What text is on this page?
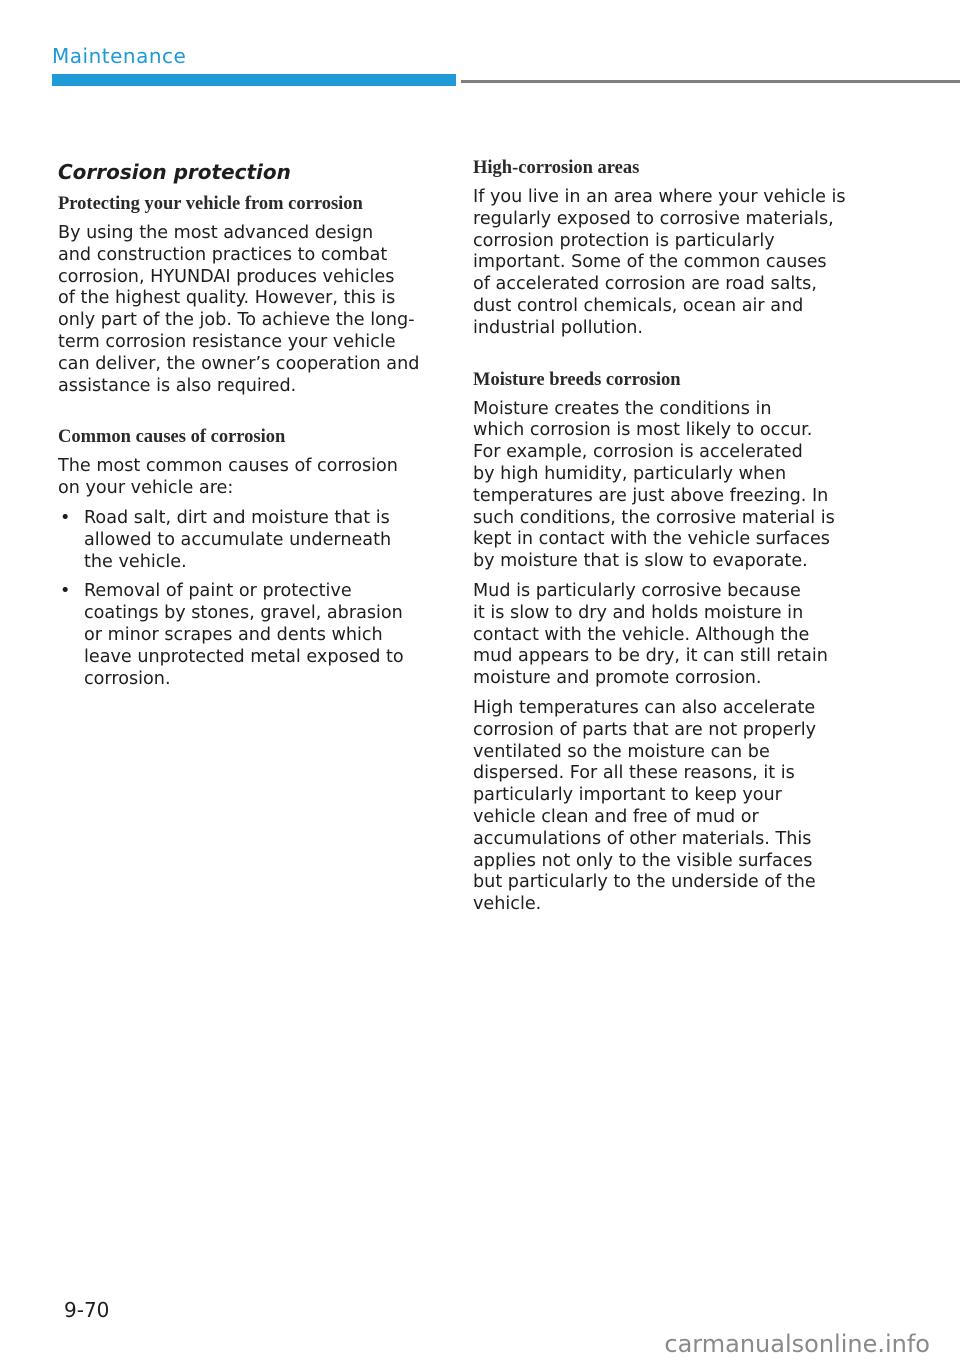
Maintenance
Corrosion protection
Protecting your vehicle from corrosion

By using the most advanced design
and construction practices to combat
corrosion, HYUNDAI produces vehicles
of the highest quality. However, this is
only part of the job. To achieve the long-
term corrosion resistance your vehicle
can deliver, the owner’s cooperation and
assistance is also required.

Common causes of corrosion

The most common causes of corrosion
on your vehicle are:

• Road salt, dirt and moisture that is
allowed to accumulate underneath
the vehicle.
• Removal of paint or protective
coatings by stones, gravel, abrasion
or minor scrapes and dents which
leave unprotected metal exposed to
corrosion.
High-corrosion areas

If you live in an area where your vehicle is
regularly exposed to corrosive materials,
corrosion protection is particularly
important. Some of the common causes
of accelerated corrosion are road salts,
dust control chemicals, ocean air and
industrial pollution.

Moisture breeds corrosion

Moisture creates the conditions in
which corrosion is most likely to occur.
For example, corrosion is accelerated
by high humidity, particularly when
temperatures are just above freezing. In
such conditions, the corrosive material is
kept in contact with the vehicle surfaces
by moisture that is slow to evaporate.

Mud is particularly corrosive because
it is slow to dry and holds moisture in
contact with the vehicle. Although the
mud appears to be dry, it can still retain
moisture and promote corrosion.

High temperatures can also accelerate
corrosion of parts that are not properly
ventilated so the moisture can be
dispersed. For all these reasons, it is
particularly important to keep your
vehicle clean and free of mud or
accumulations of other materials. This
applies not only to the visible surfaces
but particularly to the underside of the
vehicle.

9-70
carmanualsonline.info
